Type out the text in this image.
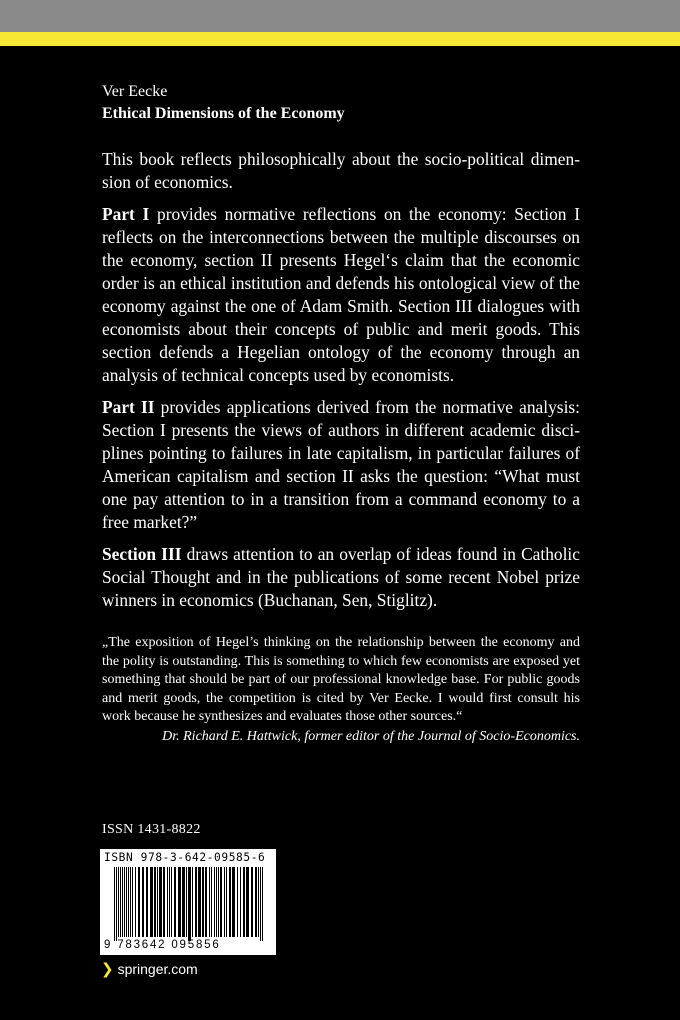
Ver Eecke
Ethical Dimensions of the Economy

This book reflects philosophically about the socio-political dimension of economics.

Part I provides normative reflections on the economy: Section I reflects on the interconnections between the multiple discourses on the economy, section II presents Hegel‘s claim that the economic order is an ethical institution and defends his ontological view of the economy against the one of Adam Smith. Section III dialogues with economists about their concepts of public and merit goods. This section defends a Hegelian ontology of the economy through an analysis of technical concepts used by economists.

Part II provides applications derived from the normative analysis: Section I presents the views of authors in different academic disciplines pointing to failures in late capitalism, in particular failures of American capitalism and section II asks the question: “What must one pay attention to in a transition from a command economy to a free market?”

Section III draws attention to an overlap of ideas found in Catholic Social Thought and in the publications of some recent Nobel prize winners in economics (Buchanan, Sen, Stiglitz).

„The exposition of Hegel’s thinking on the relationship between the economy and the polity is outstanding. This is something to which few economists are exposed yet something that should be part of our professional knowledge base. For public goods and merit goods, the competition is cited by Ver Eecke. I would first consult his work because he synthesizes and evaluates those other sources.“

Dr. Richard E. Hattwick, former editor of the Journal of Socio-Economics.

ISSN 1431-8822
ISBN 978-3-642-09585-6
9 783642 095856
❯ springer.com
